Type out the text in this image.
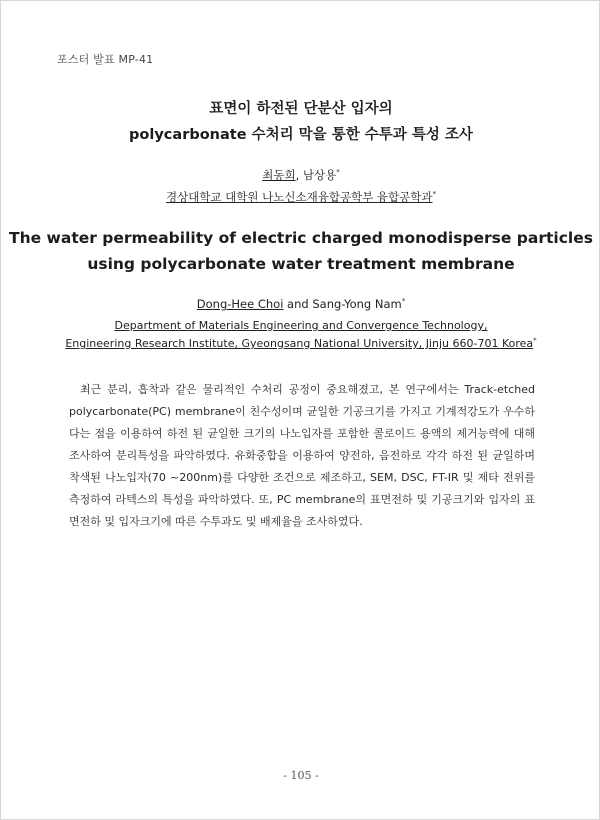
포스터 발표 MP-41
표면이 하전된 단분산 입자의
polycarbonate 수처리 막을 통한 수투과 특성 조사
최동희, 남상용*
경상대학교 대학원 나노신소재융합공학부 융합공학과*
The water permeability of electric charged monodisperse particles
using polycarbonate water treatment membrane
Dong-Hee Choi and Sang-Yong Nam*
Department of Materials Engineering and Convergence Technology,
Engineering Research Institute, Gyeongsang National University, Jinju 660-701 Korea*
최근 분리, 흡착과 같은 물리적인 수처리 공정이 중요해졌고, 본 연구에서는 Track-etched polycarbonate(PC) membrane이 친수성이며 균일한 기공크기를 가지고 기계적강도가 우수하다는 점을 이용하여 하전 된 균일한 크기의 나노입자를 포함한 콜로이드 용액의 제거능력에 대해 조사하여 분리특성을 파악하였다. 유화중합을 이용하여 양전하, 음전하로 각각 하전 된 균일하며 착색된 나노입자(70 ~200nm)를 다양한 조건으로 제조하고, SEM, DSC, FT-IR 및 제타 전위를 측정하여 라텍스의 특성을 파악하였다. 또, PC membrane의 표면전하 및 기공크기와 입자의 표면전하 및 입자크기에 따른 수투과도 및 배제율을 조사하였다.
- 105 -
